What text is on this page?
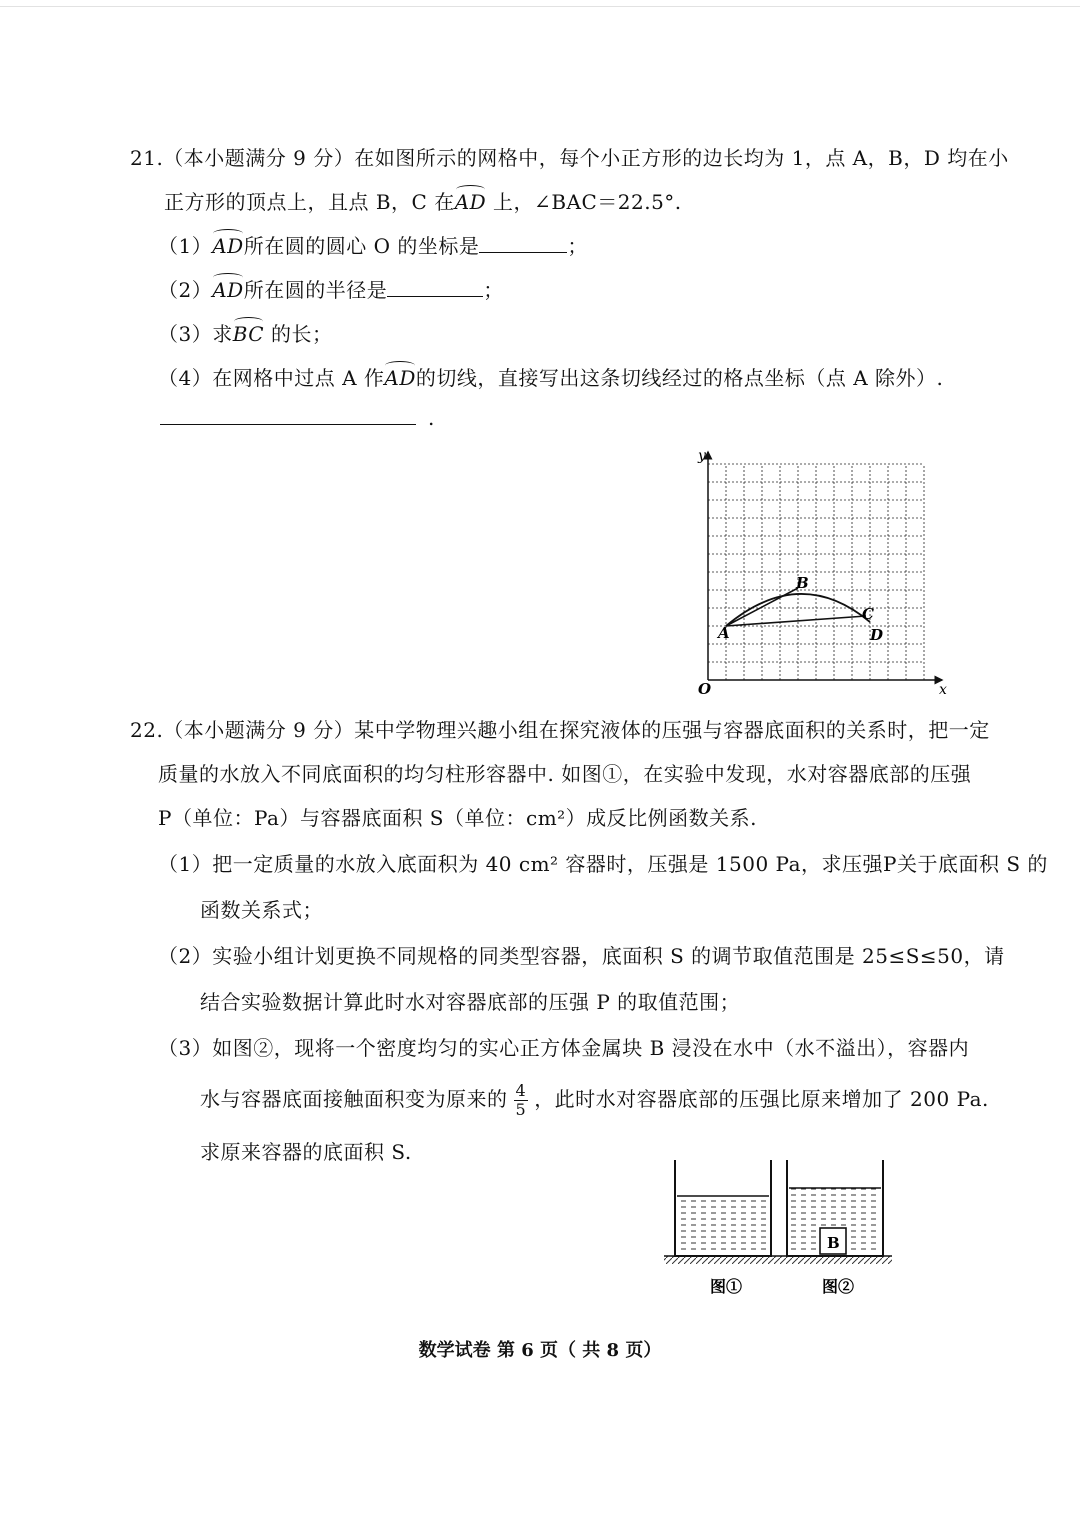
21.（本小题满分 9 分）在如图所示的网格中，每个小正方形的边长均为 1，点 A，B，D 均在小
正方形的顶点上，且点 B，C 在AD 上，∠BAC＝22.5°.
（1）AD所在圆的圆心 O 的坐标是	；
（2）AD所在圆的半径是	；
（3）求BC 的长；
（4）在网格中过点 A 作AD的切线，直接写出这条切线经过的格点坐标（点 A 除外）.
.
x
y
O
A
B
C
D
22.（本小题满分 9 分）某中学物理兴趣小组在探究液体的压强与容器底面积的关系时，把一定
质量的水放入不同底面积的均匀柱形容器中. 如图①，在实验中发现，水对容器底部的压强
P（单位：Pa）与容器底面积 S（单位：cm²）成反比例函数关系.
（1）把一定质量的水放入底面积为 40 cm² 容器时，压强是 1500 Pa，求压强P关于底面积 S 的
函数关系式；
（2）实验小组计划更换不同规格的同类型容器，底面积 S 的调节取值范围是 25≤S≤50，请
结合实验数据计算此时水对容器底部的压强 P 的取值范围；
（3）如图②，现将一个密度均匀的实心正方体金属块 B 浸没在水中（水不溢出），容器内
水与容器底面接触面积变为原来的 $\frac{4}{5}$ ，此时水对容器底部的压强比原来增加了 200 Pa.
求原来容器的底面积 S.
B
图①	图②
数学试卷 第 6 页（ 共 8 页）
